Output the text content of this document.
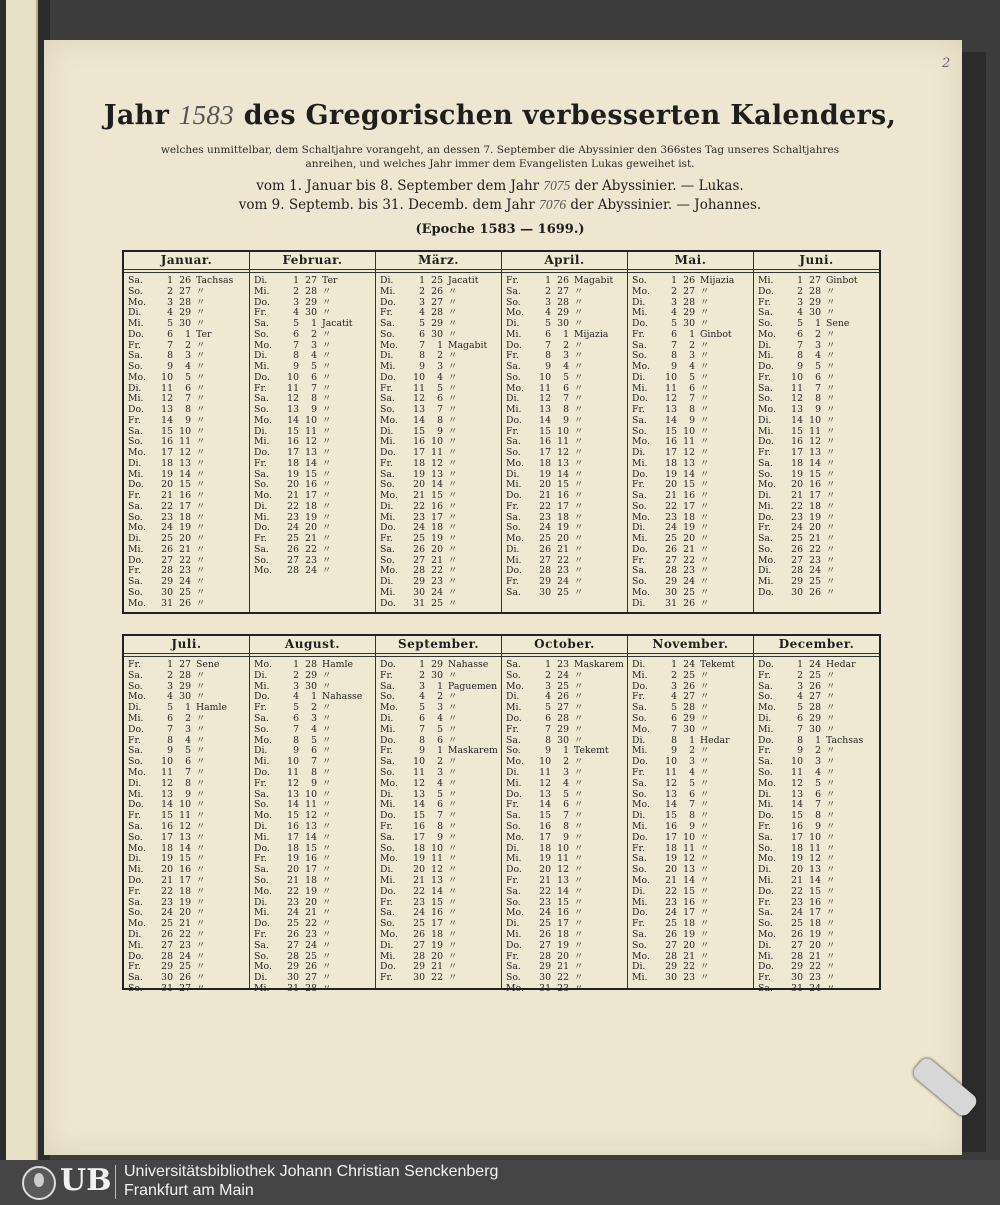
2
Jahr 1583 des Gregorischen verbesserten Kalenders,
welches unmittelbar, dem Schaltjahre vorangeht, an dessen 7. September die Abyssinier den 366stes Tag unseres Schaltjahres
anreihen, und welches Jahr immer dem Evangelisten Lukas geweihet ist.
vom 1. Januar bis 8. September dem Jahr 7075 der Abyssinier. — Lukas.
vom 9. Septemb. bis 31. Decemb. dem Jahr 7076 der Abyssinier. — Johannes.
(Epoche 1583 — 1699.)
Januar.
Sa.	1 26 Tachsas
So.	2 27 〃
Mo.	3 28 〃
Di.	4 29 〃
Mi.	5 30 〃
Do.	6	1 Ter
Fr.	7	2 〃
Sa.	8	3 〃
So.	9	4 〃
Mo.	10	5 〃
Di.	11	6 〃
Mi.	12	7 〃
Do.	13	8 〃
Fr.	14	9 〃
Sa.	15 10 〃
So.	16 11 〃
Mo.	17 12 〃
Di.	18 13 〃
Mi.	19 14 〃
Do.	20 15 〃
Fr.	21 16 〃
Sa.	22 17 〃
So.	23 18 〃
Mo.	24 19 〃
Di.	25 20 〃
Mi.	26 21 〃
Do.	27 22 〃
Fr.	28 23 〃
Sa.	29 24 〃
So.	30 25 〃
Mo.	31 26 〃
Februar.
Di.	1 27 Ter
Mi.	2 28 〃
Do.	3 29 〃
Fr.	4 30 〃
Sa.	5	1 Jacatit
So.	6	2 〃
Mo.	7	3 〃
Di.	8	4 〃
Mi.	9	5 〃
Do.	10	6 〃
Fr.	11	7 〃
Sa.	12	8 〃
So.	13	9 〃
Mo.	14 10 〃
Di.	15 11 〃
Mi.	16 12 〃
Do.	17 13 〃
Fr.	18 14 〃
Sa.	19 15 〃
So.	20 16 〃
Mo.	21 17 〃
Di.	22 18 〃
Mi.	23 19 〃
Do.	24 20 〃
Fr.	25 21 〃
Sa.	26 22 〃
So.	27 23 〃
Mo.	28 24 〃
März.
Di.	1 25 Jacatit
Mi.	2 26 〃
Do.	3 27 〃
Fr.	4 28 〃
Sa.	5 29 〃
So.	6 30 〃
Mo.	7	1 Magabit
Di.	8	2 〃
Mi.	9	3 〃
Do.	10	4 〃
Fr.	11	5 〃
Sa.	12	6 〃
So.	13	7 〃
Mo.	14	8 〃
Di.	15	9 〃
Mi.	16 10 〃
Do.	17 11 〃
Fr.	18 12 〃
Sa.	19 13 〃
So.	20 14 〃
Mo.	21 15 〃
Di.	22 16 〃
Mi.	23 17 〃
Do.	24 18 〃
Fr.	25 19 〃
Sa.	26 20 〃
So.	27 21 〃
Mo.	28 22 〃
Di.	29 23 〃
Mi.	30 24 〃
Do.	31 25 〃
April.
Fr.	1 26 Magabit
Sa.	2 27 〃
So.	3 28 〃
Mo.	4 29 〃
Di.	5 30 〃
Mi.	6	1 Mijazia
Do.	7	2 〃
Fr.	8	3 〃
Sa.	9	4 〃
So.	10	5 〃
Mo.	11	6 〃
Di.	12	7 〃
Mi.	13	8 〃
Do.	14	9 〃
Fr.	15 10 〃
Sa.	16 11 〃
So.	17 12 〃
Mo.	18 13 〃
Di.	19 14 〃
Mi.	20 15 〃
Do.	21 16 〃
Fr.	22 17 〃
Sa.	23 18 〃
So.	24 19 〃
Mo.	25 20 〃
Di.	26 21 〃
Mi.	27 22 〃
Do.	28 23 〃
Fr.	29 24 〃
Sa.	30 25 〃
Mai.
So.	1 26 Mijazia
Mo.	2 27 〃
Di.	3 28 〃
Mi.	4 29 〃
Do.	5 30 〃
Fr.	6	1 Ginbot
Sa.	7	2 〃
So.	8	3 〃
Mo.	9	4 〃
Di.	10	5 〃
Mi.	11	6 〃
Do.	12	7 〃
Fr.	13	8 〃
Sa.	14	9 〃
So.	15 10 〃
Mo.	16 11 〃
Di.	17 12 〃
Mi.	18 13 〃
Do.	19 14 〃
Fr.	20 15 〃
Sa.	21 16 〃
So.	22 17 〃
Mo.	23 18 〃
Di.	24 19 〃
Mi.	25 20 〃
Do.	26 21 〃
Fr.	27 22 〃
Sa.	28 23 〃
So.	29 24 〃
Mo.	30 25 〃
Di.	31 26 〃
Juni.
Mi.	1 27 Ginbot
Do.	2 28 〃
Fr.	3 29 〃
Sa.	4 30 〃
So.	5	1 Sene
Mo.	6	2 〃
Di.	7	3 〃
Mi.	8	4 〃
Do.	9	5 〃
Fr.	10	6 〃
Sa.	11	7 〃
So.	12	8 〃
Mo.	13	9 〃
Di.	14 10 〃
Mi.	15 11 〃
Do.	16 12 〃
Fr.	17 13 〃
Sa.	18 14 〃
So.	19 15 〃
Mo.	20 16 〃
Di.	21 17 〃
Mi.	22 18 〃
Do.	23 19 〃
Fr.	24 20 〃
Sa.	25 21 〃
So.	26 22 〃
Mo.	27 23 〃
Di.	28 24 〃
Mi.	29 25 〃
Do.	30 26 〃
Juli.
Fr.	1 27 Sene
Sa.	2 28 〃
So.	3 29 〃
Mo.	4 30 〃
Di.	5	1 Hamle
Mi.	6	2 〃
Do.	7	3 〃
Fr.	8	4 〃
Sa.	9	5 〃
So.	10	6 〃
Mo.	11	7 〃
Di.	12	8 〃
Mi.	13	9 〃
Do.	14 10 〃
Fr.	15 11 〃
Sa.	16 12 〃
So.	17 13 〃
Mo.	18 14 〃
Di.	19 15 〃
Mi.	20 16 〃
Do.	21 17 〃
Fr.	22 18 〃
Sa.	23 19 〃
So.	24 20 〃
Mo.	25 21 〃
Di.	26 22 〃
Mi.	27 23 〃
Do.	28 24 〃
Fr.	29 25 〃
Sa.	30 26 〃
So.	31 27 〃
August.
Mo.	1 28 Hamle
Di.	2 29 〃
Mi.	3 30 〃
Do.	4	1 Nahasse
Fr.	5	2 〃
Sa.	6	3 〃
So.	7	4 〃
Mo.	8	5 〃
Di.	9	6 〃
Mi.	10	7 〃
Do.	11	8 〃
Fr.	12	9 〃
Sa.	13 10 〃
So.	14 11 〃
Mo.	15 12 〃
Di.	16 13 〃
Mi.	17 14 〃
Do.	18 15 〃
Fr.	19 16 〃
Sa.	20 17 〃
So.	21 18 〃
Mo.	22 19 〃
Di.	23 20 〃
Mi.	24 21 〃
Do.	25 22 〃
Fr.	26 23 〃
Sa.	27 24 〃
So.	28 25 〃
Mo.	29 26 〃
Di.	30 27 〃
Mi.	31 28 〃
September.
Do.	1 29 Nahasse
Fr.	2 30 〃
Sa.	3	1 Paguemen
So.	4	2 〃
Mo.	5	3 〃
Di.	6	4 〃
Mi.	7	5 〃
Do.	8	6 〃
Fr.	9	1 Maskarem
Sa.	10	2 〃
So.	11	3 〃
Mo.	12	4 〃
Di.	13	5 〃
Mi.	14	6 〃
Do.	15	7 〃
Fr.	16	8 〃
Sa.	17	9 〃
So.	18 10 〃
Mo.	19 11 〃
Di.	20 12 〃
Mi.	21 13 〃
Do.	22 14 〃
Fr.	23 15 〃
Sa.	24 16 〃
So.	25 17 〃
Mo.	26 18 〃
Di.	27 19 〃
Mi.	28 20 〃
Do.	29 21 〃
Fr.	30 22 〃
October.
Sa.	1 23 Maskarem
So.	2 24 〃
Mo.	3 25 〃
Di.	4 26 〃
Mi.	5 27 〃
Do.	6 28 〃
Fr.	7 29 〃
Sa.	8 30 〃
So.	9	1 Tekemt
Mo.	10	2 〃
Di.	11	3 〃
Mi.	12	4 〃
Do.	13	5 〃
Fr.	14	6 〃
Sa.	15	7 〃
So.	16	8 〃
Mo.	17	9 〃
Di.	18 10 〃
Mi.	19 11 〃
Do.	20 12 〃
Fr.	21 13 〃
Sa.	22 14 〃
So.	23 15 〃
Mo.	24 16 〃
Di.	25 17 〃
Mi.	26 18 〃
Do.	27 19 〃
Fr.	28 20 〃
Sa.	29 21 〃
So.	30 22 〃
Mo.	31 23 〃
November.
Di.	1 24 Tekemt
Mi.	2 25 〃
Do.	3 26 〃
Fr.	4 27 〃
Sa.	5 28 〃
So.	6 29 〃
Mo.	7 30 〃
Di.	8	1 Hedar
Mi.	9	2 〃
Do.	10	3 〃
Fr.	11	4 〃
Sa.	12	5 〃
So.	13	6 〃
Mo.	14	7 〃
Di.	15	8 〃
Mi.	16	9 〃
Do.	17 10 〃
Fr.	18 11 〃
Sa.	19 12 〃
So.	20 13 〃
Mo.	21 14 〃
Di.	22 15 〃
Mi.	23 16 〃
Do.	24 17 〃
Fr.	25 18 〃
Sa.	26 19 〃
So.	27 20 〃
Mo.	28 21 〃
Di.	29 22 〃
Mi.	30 23 〃
December.
Do.	1 24 Hedar
Fr.	2 25 〃
Sa.	3 26 〃
So.	4 27 〃
Mo.	5 28 〃
Di.	6 29 〃
Mi.	7 30 〃
Do.	8	1 Tachsas
Fr.	9	2 〃
Sa.	10	3 〃
So.	11	4 〃
Mo.	12	5 〃
Di.	13	6 〃
Mi.	14	7 〃
Do.	15	8 〃
Fr.	16	9 〃
Sa.	17 10 〃
So.	18 11 〃
Mo.	19 12 〃
Di.	20 13 〃
Mi.	21 14 〃
Do.	22 15 〃
Fr.	23 16 〃
Sa.	24 17 〃
So.	25 18 〃
Mo.	26 19 〃
Di.	27 20 〃
Mi.	28 21 〃
Do.	29 22 〃
Fr.	30 23 〃
Sa.	31 24 〃
UB Universitätsbibliothek Johann Christian Senckenberg
Frankfurt am Main
